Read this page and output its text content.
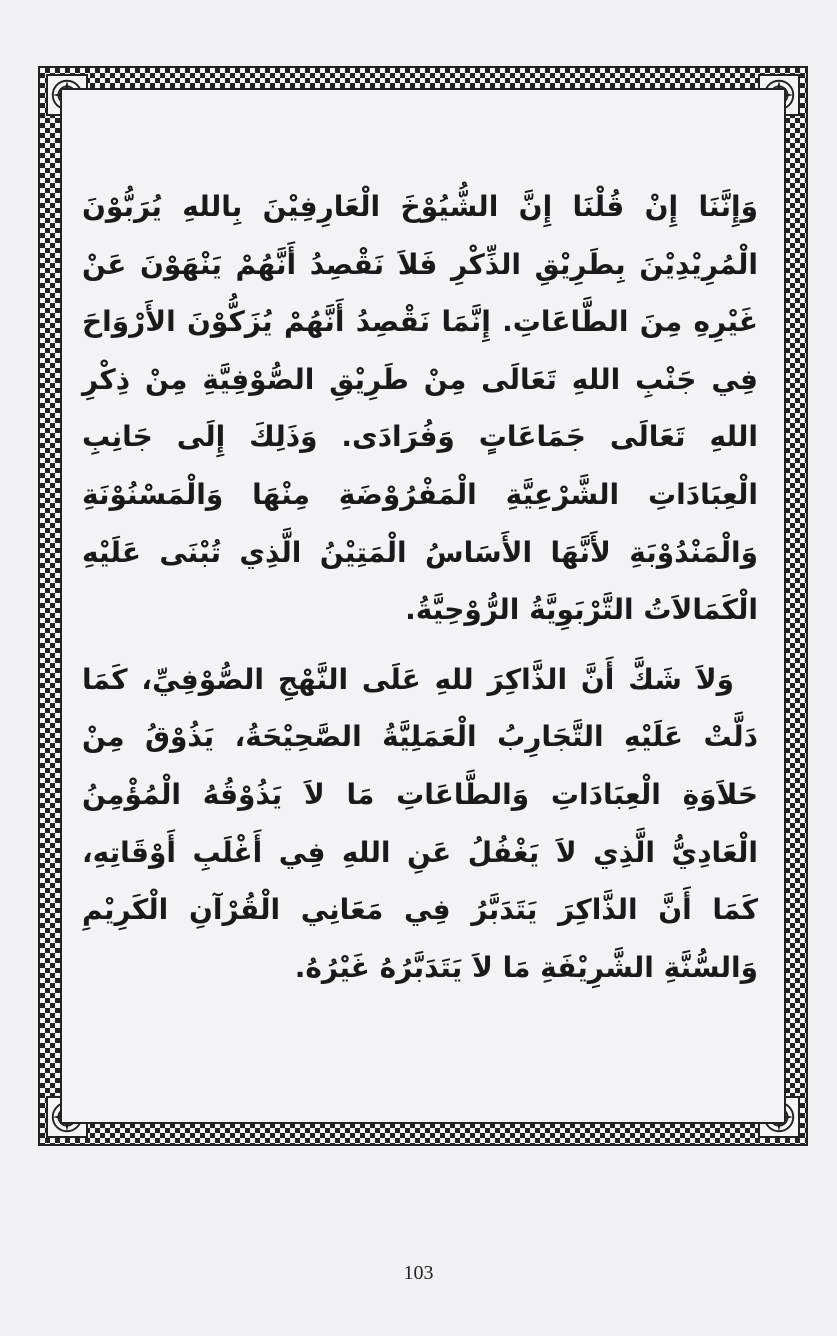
وَإِنَّنَا إِنْ قُلْنَا إِنَّ الشُّيُوْخَ الْعَارِفِيْنَ بِاللهِ يُرَبُّوْنَ الْمُرِيْدِيْنَ بِطَرِيْقِ الذِّكْرِ فَلاَ نَقْصِدُ أَنَّهُمْ يَنْهَوْنَ عَنْ غَيْرِهِ مِنَ الطَّاعَاتِ. إِنَّمَا نَقْصِدُ أَنَّهُمْ يُزَكُّوْنَ الأَرْوَاحَ فِي جَنْبِ اللهِ تَعَالَى مِنْ طَرِيْقِ الصُّوْفِيَّةِ مِنْ ذِكْرِ اللهِ تَعَالَى جَمَاعَاتٍ وَفُرَادَى. وَذَلِكَ إِلَى جَانِبِ الْعِبَادَاتِ الشَّرْعِيَّةِ الْمَفْرُوْضَةِ مِنْهَا وَالْمَسْنُوْنَةِ وَالْمَنْدُوْبَةِ لأَنَّهَا الأَسَاسُ الْمَتِيْنُ الَّذِي تُبْنَى عَلَيْهِ الْكَمَالاَتُ التَّرْبَوِيَّةُ الرُّوْحِيَّةُ.

وَلاَ شَكَّ أَنَّ الذَّاكِرَ للهِ عَلَى النَّهْجِ الصُّوْفِيِّ، كَمَا دَلَّتْ عَلَيْهِ التَّجَارِبُ الْعَمَلِيَّةُ الصَّحِيْحَةُ، يَذُوْقُ مِنْ حَلاَوَةِ الْعِبَادَاتِ وَالطَّاعَاتِ مَا لاَ يَذُوْقُهُ الْمُؤْمِنُ الْعَادِيُّ الَّذِي لاَ يَغْفُلُ عَنِ اللهِ فِي أَغْلَبِ أَوْقَاتِهِ، كَمَا أَنَّ الذَّاكِرَ يَتَدَبَّرُ فِي مَعَانِي الْقُرْآنِ الْكَرِيْمِ وَالسُّنَّةِ الشَّرِيْفَةِ مَا لاَ يَتَدَبَّرُهُ غَيْرُهُ.

103
